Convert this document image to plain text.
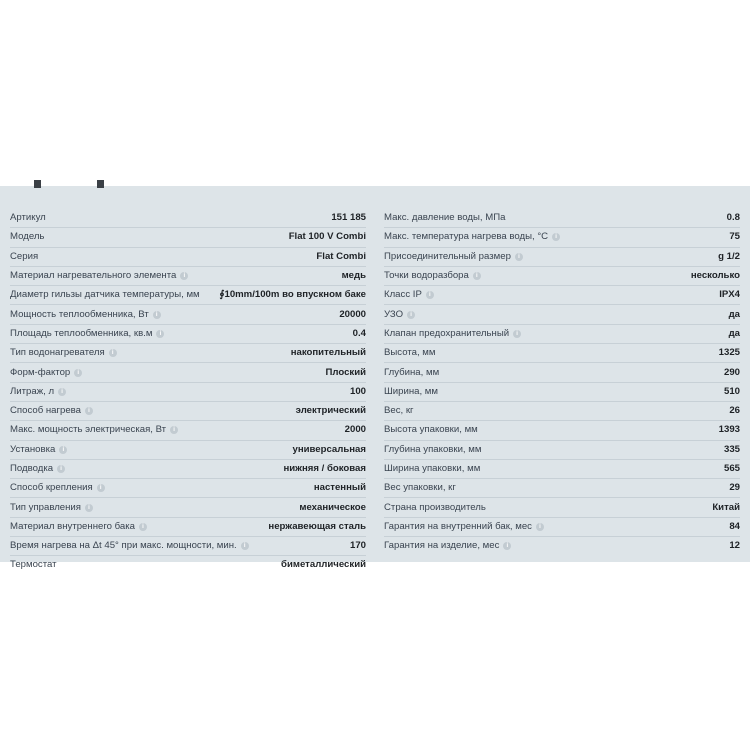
Артикул	151 185
Модель	Flat 100 V Combi
Серия	Flat Combi
Материал нагревательного элемента i	медь
Диаметр гильзы датчика температуры, мм ∮10mm/100m во впускном баке
Мощность теплообменника, Вт i	20000
Площадь теплообменника, кв.м i	0.4
Тип водонагревателя i	накопительный
Форм-фактор i	Плоский
Литраж, л i	100
Способ нагрева i	электрический
Макс. мощность электрическая, Вт i	2000
Установка i	универсальная
Подводка i	нижняя / боковая
Способ крепления i	настенный
Тип управления i	механическое
Материал внутреннего бака i	нержавеющая сталь
Время нагрева на Δt 45° при макс. мощности, мин. i	170
Термостат	биметаллический
Макс. давление воды, МПа	0.8
Макс. температура нагрева воды, °С i	75
Присоединительный размер i	g 1/2
Точки водоразбора i	несколько
Класс IP i	IPX4
УЗО i	да
Клапан предохранительный i	да
Высота, мм	1325
Глубина, мм	290
Ширина, мм	510
Вес, кг	26
Высота упаковки, мм	1393
Глубина упаковки, мм	335
Ширина упаковки, мм	565
Вес упаковки, кг	29
Страна производитель	Китай
Гарантия на внутренний бак, мес i	84
Гарантия на изделие, мес i	12
